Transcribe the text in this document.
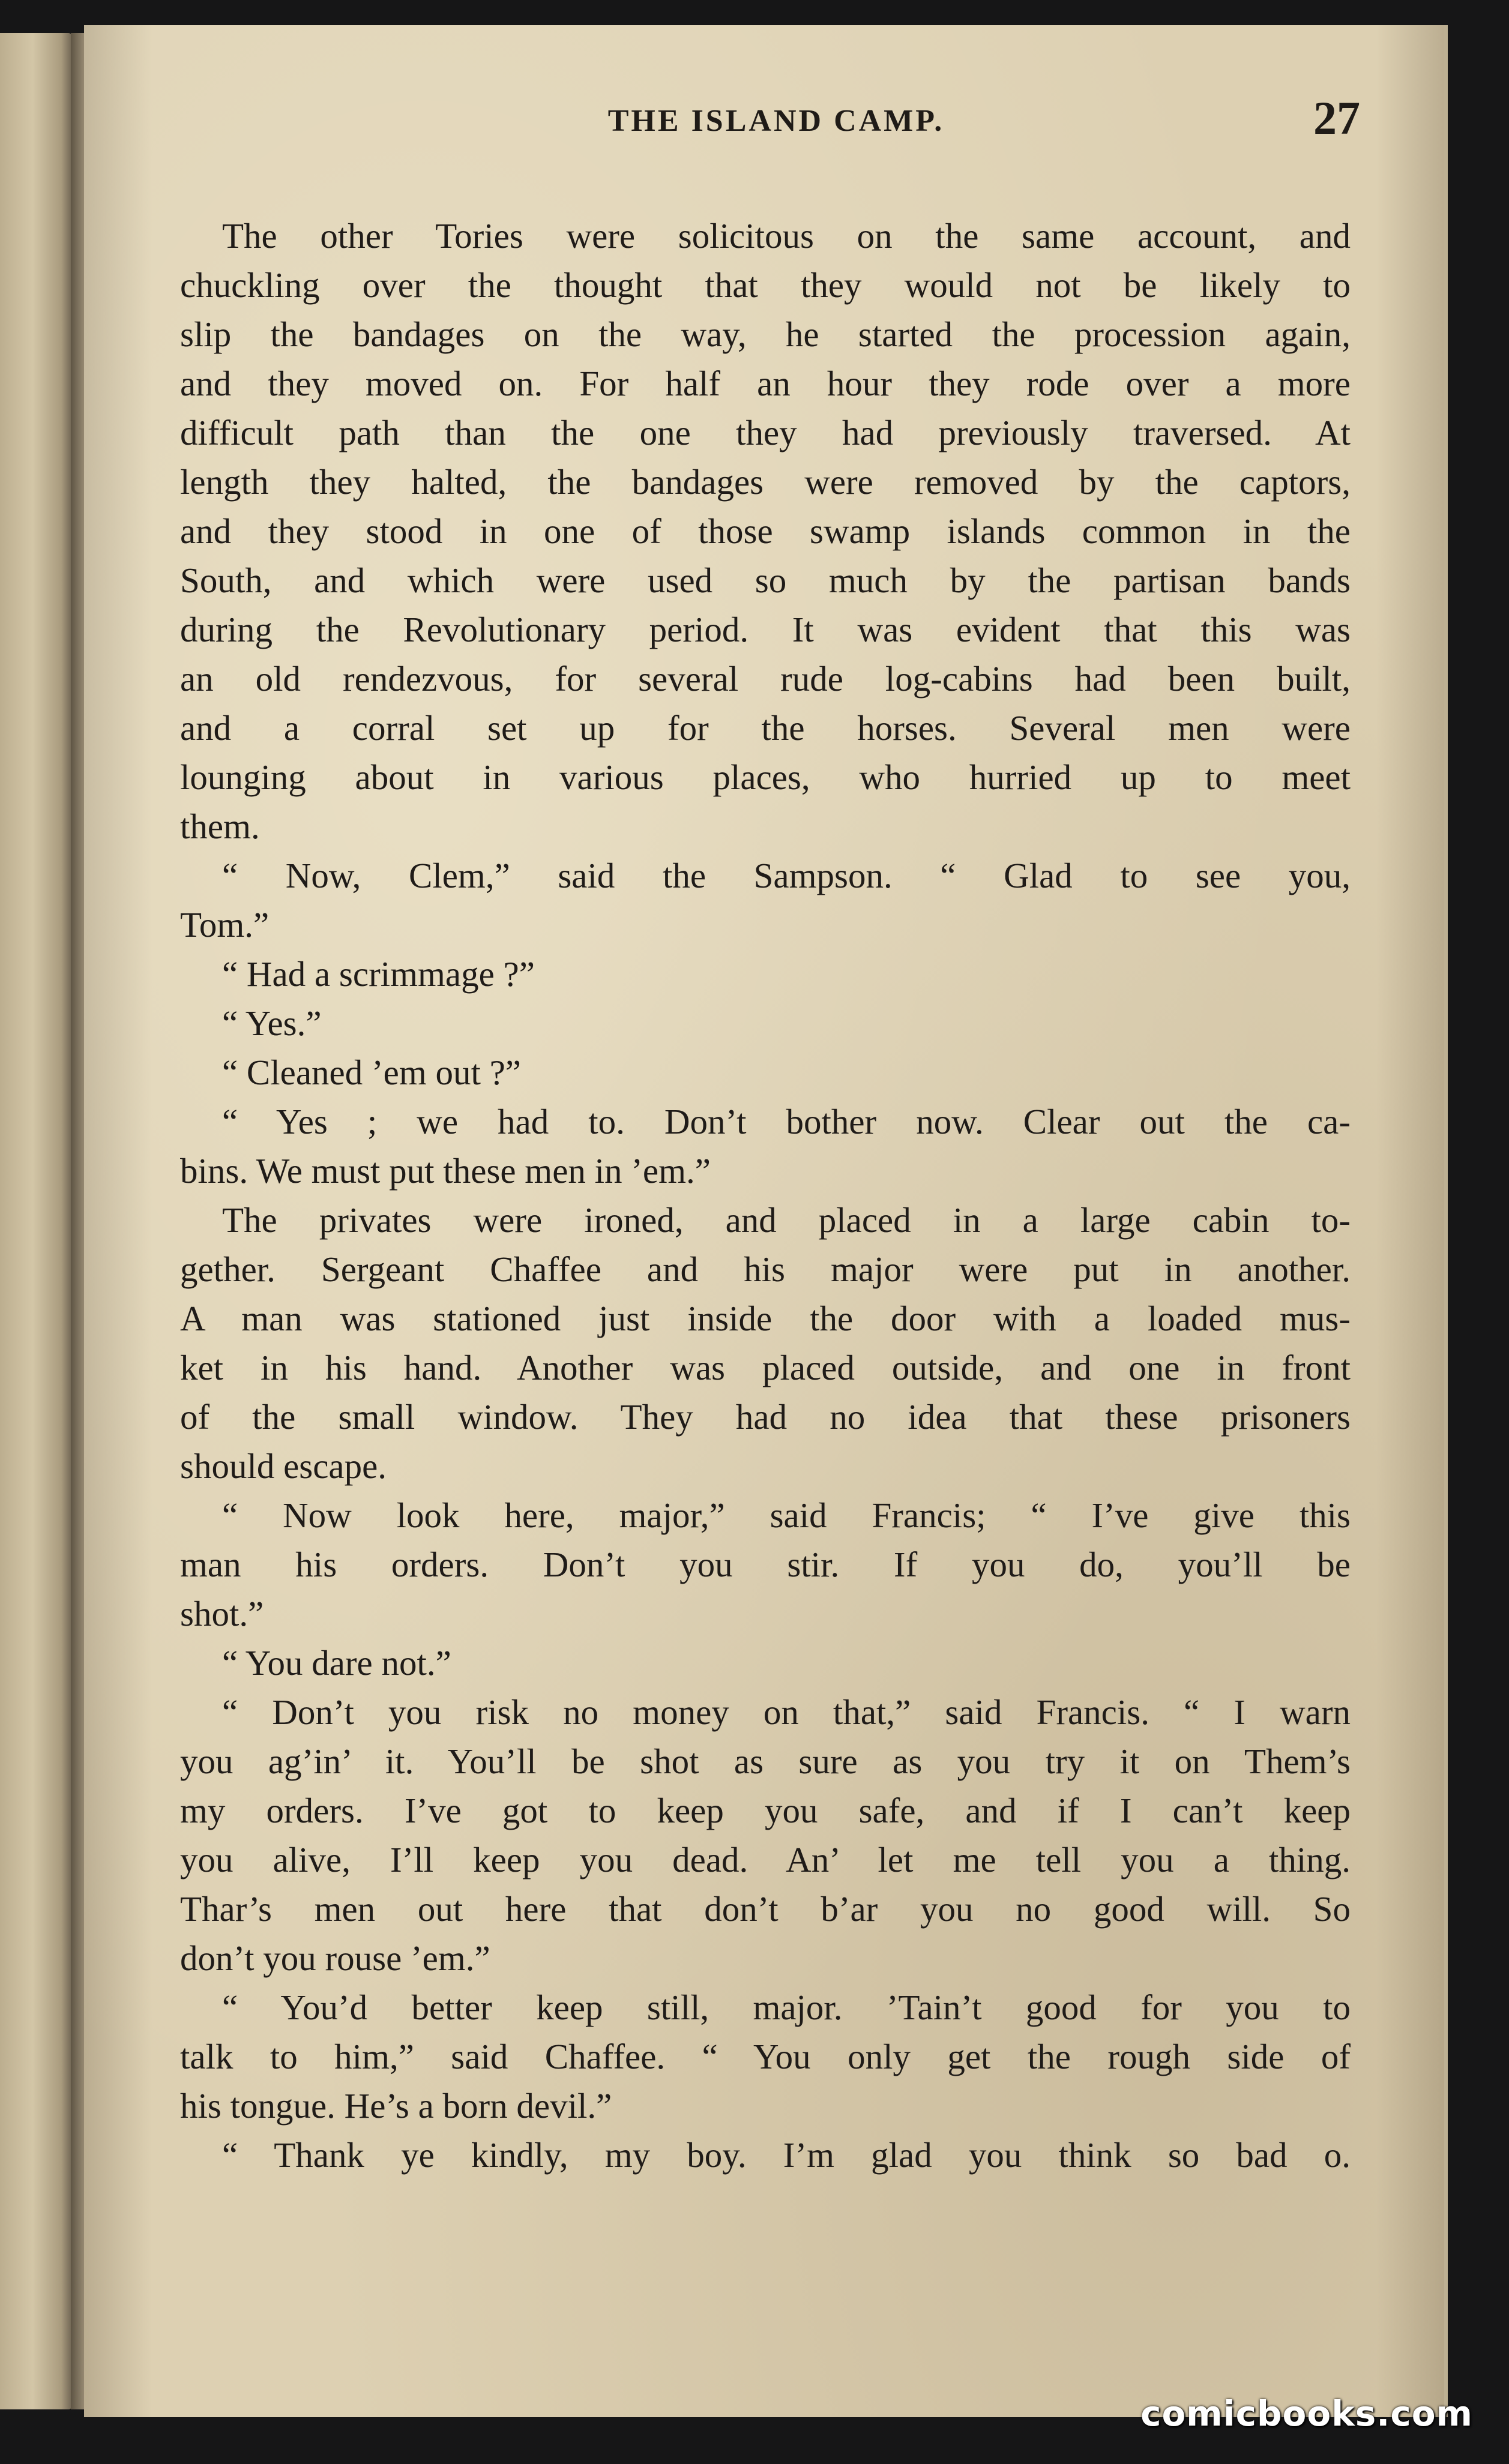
THE ISLAND CAMP.	27
The other Tories were solicitous on the same account, and
chuckling over the thought that they would not be likely to
slip the bandages on the way, he started the procession again,
and they moved on. For half an hour they rode over a more
difficult path than the one they had previously traversed. At
length they halted, the bandages were removed by the captors,
and they stood in one of those swamp islands common in the
South, and which were used so much by the partisan bands
during the Revolutionary period. It was evident that this was
an old rendezvous, for several rude log-cabins had been built,
and a corral set up for the horses. Several men were
lounging about in various places, who hurried up to meet
them.
“ Now, Clem,” said the Sampson. “ Glad to see you,
Tom.”
“ Had a scrimmage ?”
“ Yes.”
“ Cleaned ’em out ?”
“ Yes ; we had to. Don’t bother now. Clear out the ca-
bins. We must put these men in ’em.”
The privates were ironed, and placed in a large cabin to-
gether. Sergeant Chaffee and his major were put in another.
A man was stationed just inside the door with a loaded mus-
ket in his hand. Another was placed outside, and one in front
of the small window. They had no idea that these prisoners
should escape.
“ Now look here, major,” said Francis; “ I’ve give this
man his orders. Don’t you stir. If you do, you’ll be
shot.”
“ You dare not.”
“ Don’t you risk no money on that,” said Francis. “ I warn
you ag’in’ it. You’ll be shot as sure as you try it on Them’s
my orders. I’ve got to keep you safe, and if I can’t keep
you alive, I’ll keep you dead. An’ let me tell you a thing.
Thar’s men out here that don’t b’ar you no good will. So
don’t you rouse ’em.”
“ You’d better keep still, major. ’Tain’t good for you to
talk to him,” said Chaffee. “ You only get the rough side of
his tongue. He’s a born devil.”
“ Thank ye kindly, my boy. I’m glad you think so bad o.
comicbooks.com
